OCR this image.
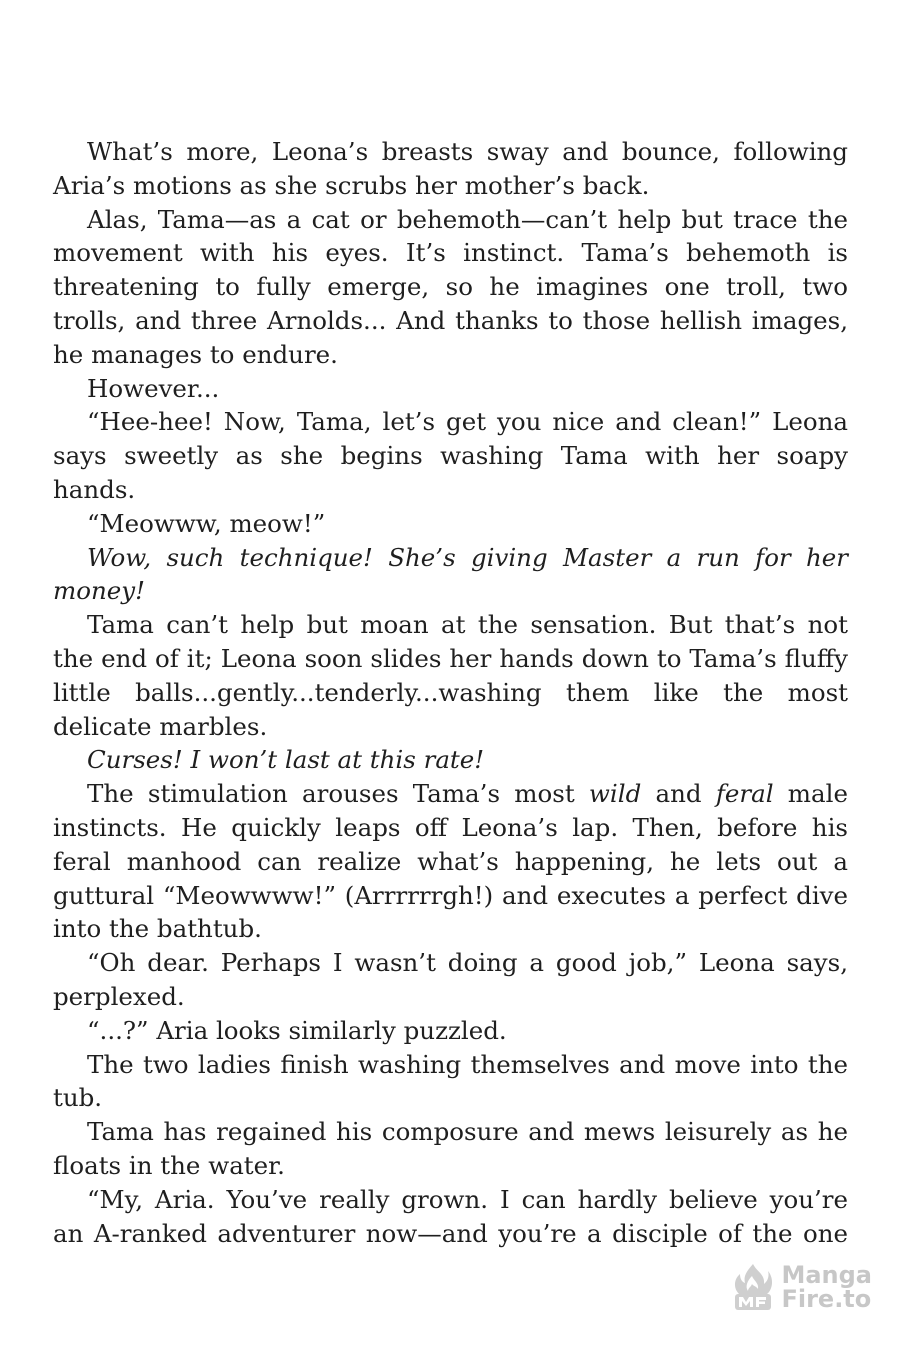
What’s more, Leona’s breasts sway and bounce, following Aria’s motions as she scrubs her mother’s back.

Alas, Tama—as a cat or behemoth—can’t help but trace the movement with his eyes. It’s instinct. Tama’s behemoth is threatening to fully emerge, so he imagines one troll, two trolls, and three Arnolds... And thanks to those hellish images, he manages to endure.

However...

“Hee-hee! Now, Tama, let’s get you nice and clean!” Leona says sweetly as she begins washing Tama with her soapy hands.

“Meowww, meow!”

Wow, such technique! She’s giving Master a run for her money!

Tama can’t help but moan at the sensation. But that’s not the end of it; Leona soon slides her hands down to Tama’s fluffy little balls...gently...tenderly...washing them like the most delicate marbles.

Curses! I won’t last at this rate!

The stimulation arouses Tama’s most wild and feral male instincts. He quickly leaps off Leona’s lap. Then, before his feral manhood can realize what’s happening, he lets out a guttural “Meowwww!” (Arrrrrrgh!) and executes a perfect dive into the bathtub.

“Oh dear. Perhaps I wasn’t doing a good job,” Leona says, perplexed.

“...?” Aria looks similarly puzzled.

The two ladies finish washing themselves and move into the tub.

Tama has regained his composure and mews leisurely as he floats in the water.

“My, Aria. You’ve really grown. I can hardly believe you’re an A-ranked adventurer now—and you’re a disciple of the one

Manga
Fire.to
